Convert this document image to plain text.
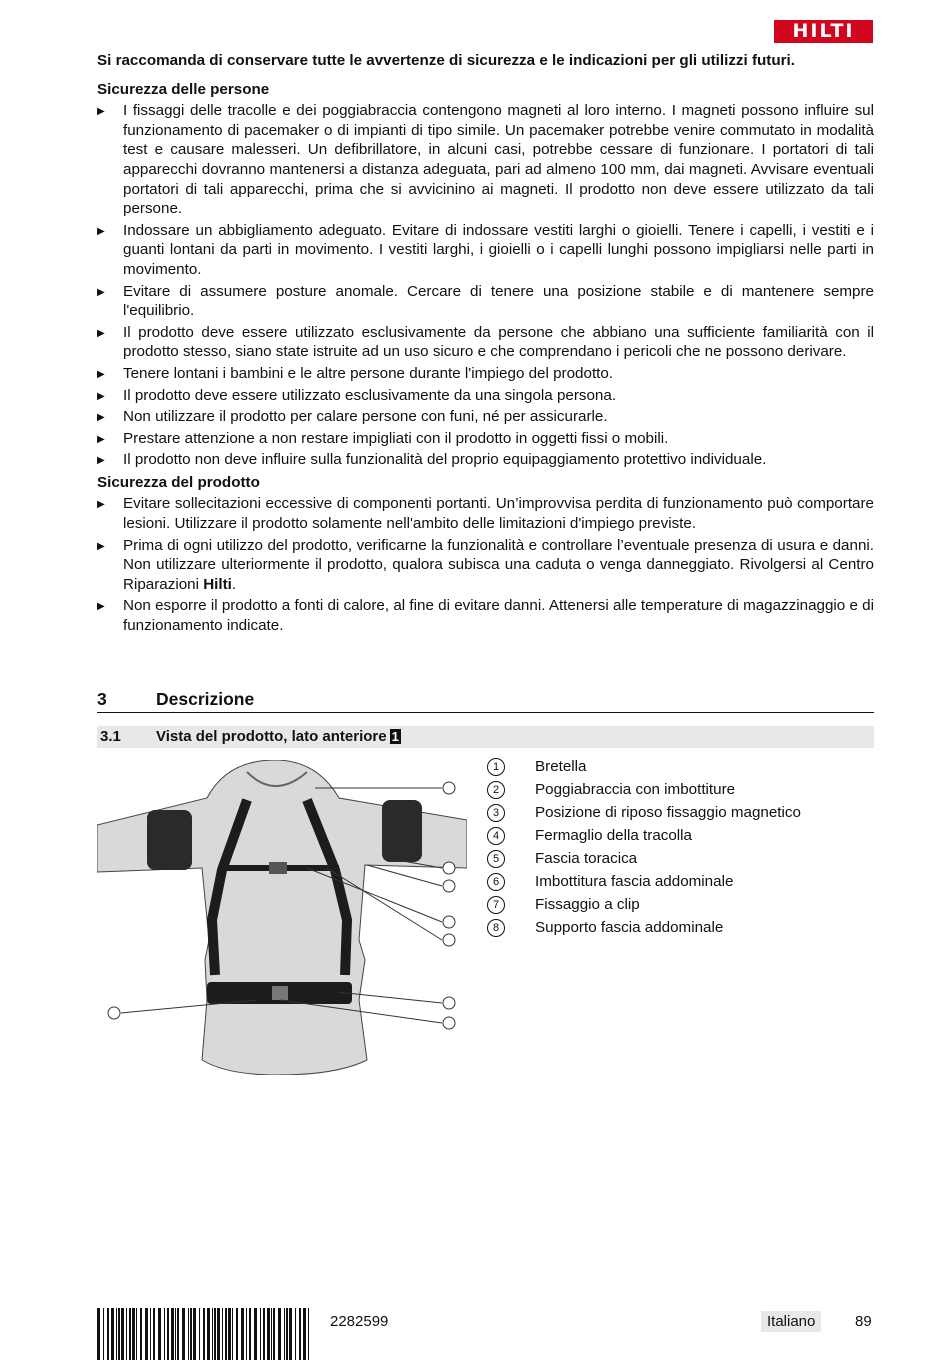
HILTI

Si raccomanda di conservare tutte le avvertenze di sicurezza e le indicazioni per gli utilizzi futuri.

Sicurezza delle persone

▶ I fissaggi delle tracolle e dei poggiabraccia contengono magneti al loro interno. I magneti possono influire sul funzionamento di pacemaker o di impianti di tipo simile. Un pacemaker potrebbe venire commutato in modalità test e causare malesseri. Un defibrillatore, in alcuni casi, potrebbe cessare di funzionare. I portatori di tali apparecchi dovranno mantenersi a distanza adeguata, pari ad almeno 100 mm, dai magneti. Avvisare eventuali portatori di tali apparecchi, prima che si avvicinino ai magneti. Il prodotto non deve essere utilizzato da tali persone.
▶ Indossare un abbigliamento adeguato. Evitare di indossare vestiti larghi o gioielli. Tenere i capelli, i vestiti e i guanti lontani da parti in movimento. I vestiti larghi, i gioielli o i capelli lunghi possono impigliarsi nelle parti in movimento.
▶ Evitare di assumere posture anomale. Cercare di tenere una posizione stabile e di mantenere sempre l'equilibrio.
▶ Il prodotto deve essere utilizzato esclusivamente da persone che abbiano una sufficiente familiarità con il prodotto stesso, siano state istruite ad un uso sicuro e che comprendano i pericoli che ne possono derivare.
▶ Tenere lontani i bambini e le altre persone durante l'impiego del prodotto.
▶ Il prodotto deve essere utilizzato esclusivamente da una singola persona.
▶ Non utilizzare il prodotto per calare persone con funi, né per assicurarle.
▶ Prestare attenzione a non restare impigliati con il prodotto in oggetti fissi o mobili.
▶ Il prodotto non deve influire sulla funzionalità del proprio equipaggiamento protettivo individuale.

Sicurezza del prodotto

▶ Evitare sollecitazioni eccessive di componenti portanti. Un’improvvisa perdita di funzionamento può comportare lesioni. Utilizzare il prodotto solamente nell'ambito delle limitazioni d'impiego previste.
▶ Prima di ogni utilizzo del prodotto, verificarne la funzionalità e controllare l’eventuale presenza di usura e danni. Non utilizzare ulteriormente il prodotto, qualora subisca una caduta o venga danneggiato. Rivolgersi al Centro Riparazioni Hilti.
▶ Non esporre il prodotto a fonti di calore, al fine di evitare danni. Attenersi alle temperature di magazzinaggio e di funzionamento indicate.
3	Descrizione
3.1 Vista del prodotto, lato anteriore 1
1	Bretella
2	Poggiabraccia con imbottiture
3	Posizione di riposo fissaggio magnetico
4	Fermaglio della tracolla
5	Fascia toracica
6	Imbottitura fascia addominale
7	Fissaggio a clip
8	Supporto fascia addominale
2282599	Italiano	89
